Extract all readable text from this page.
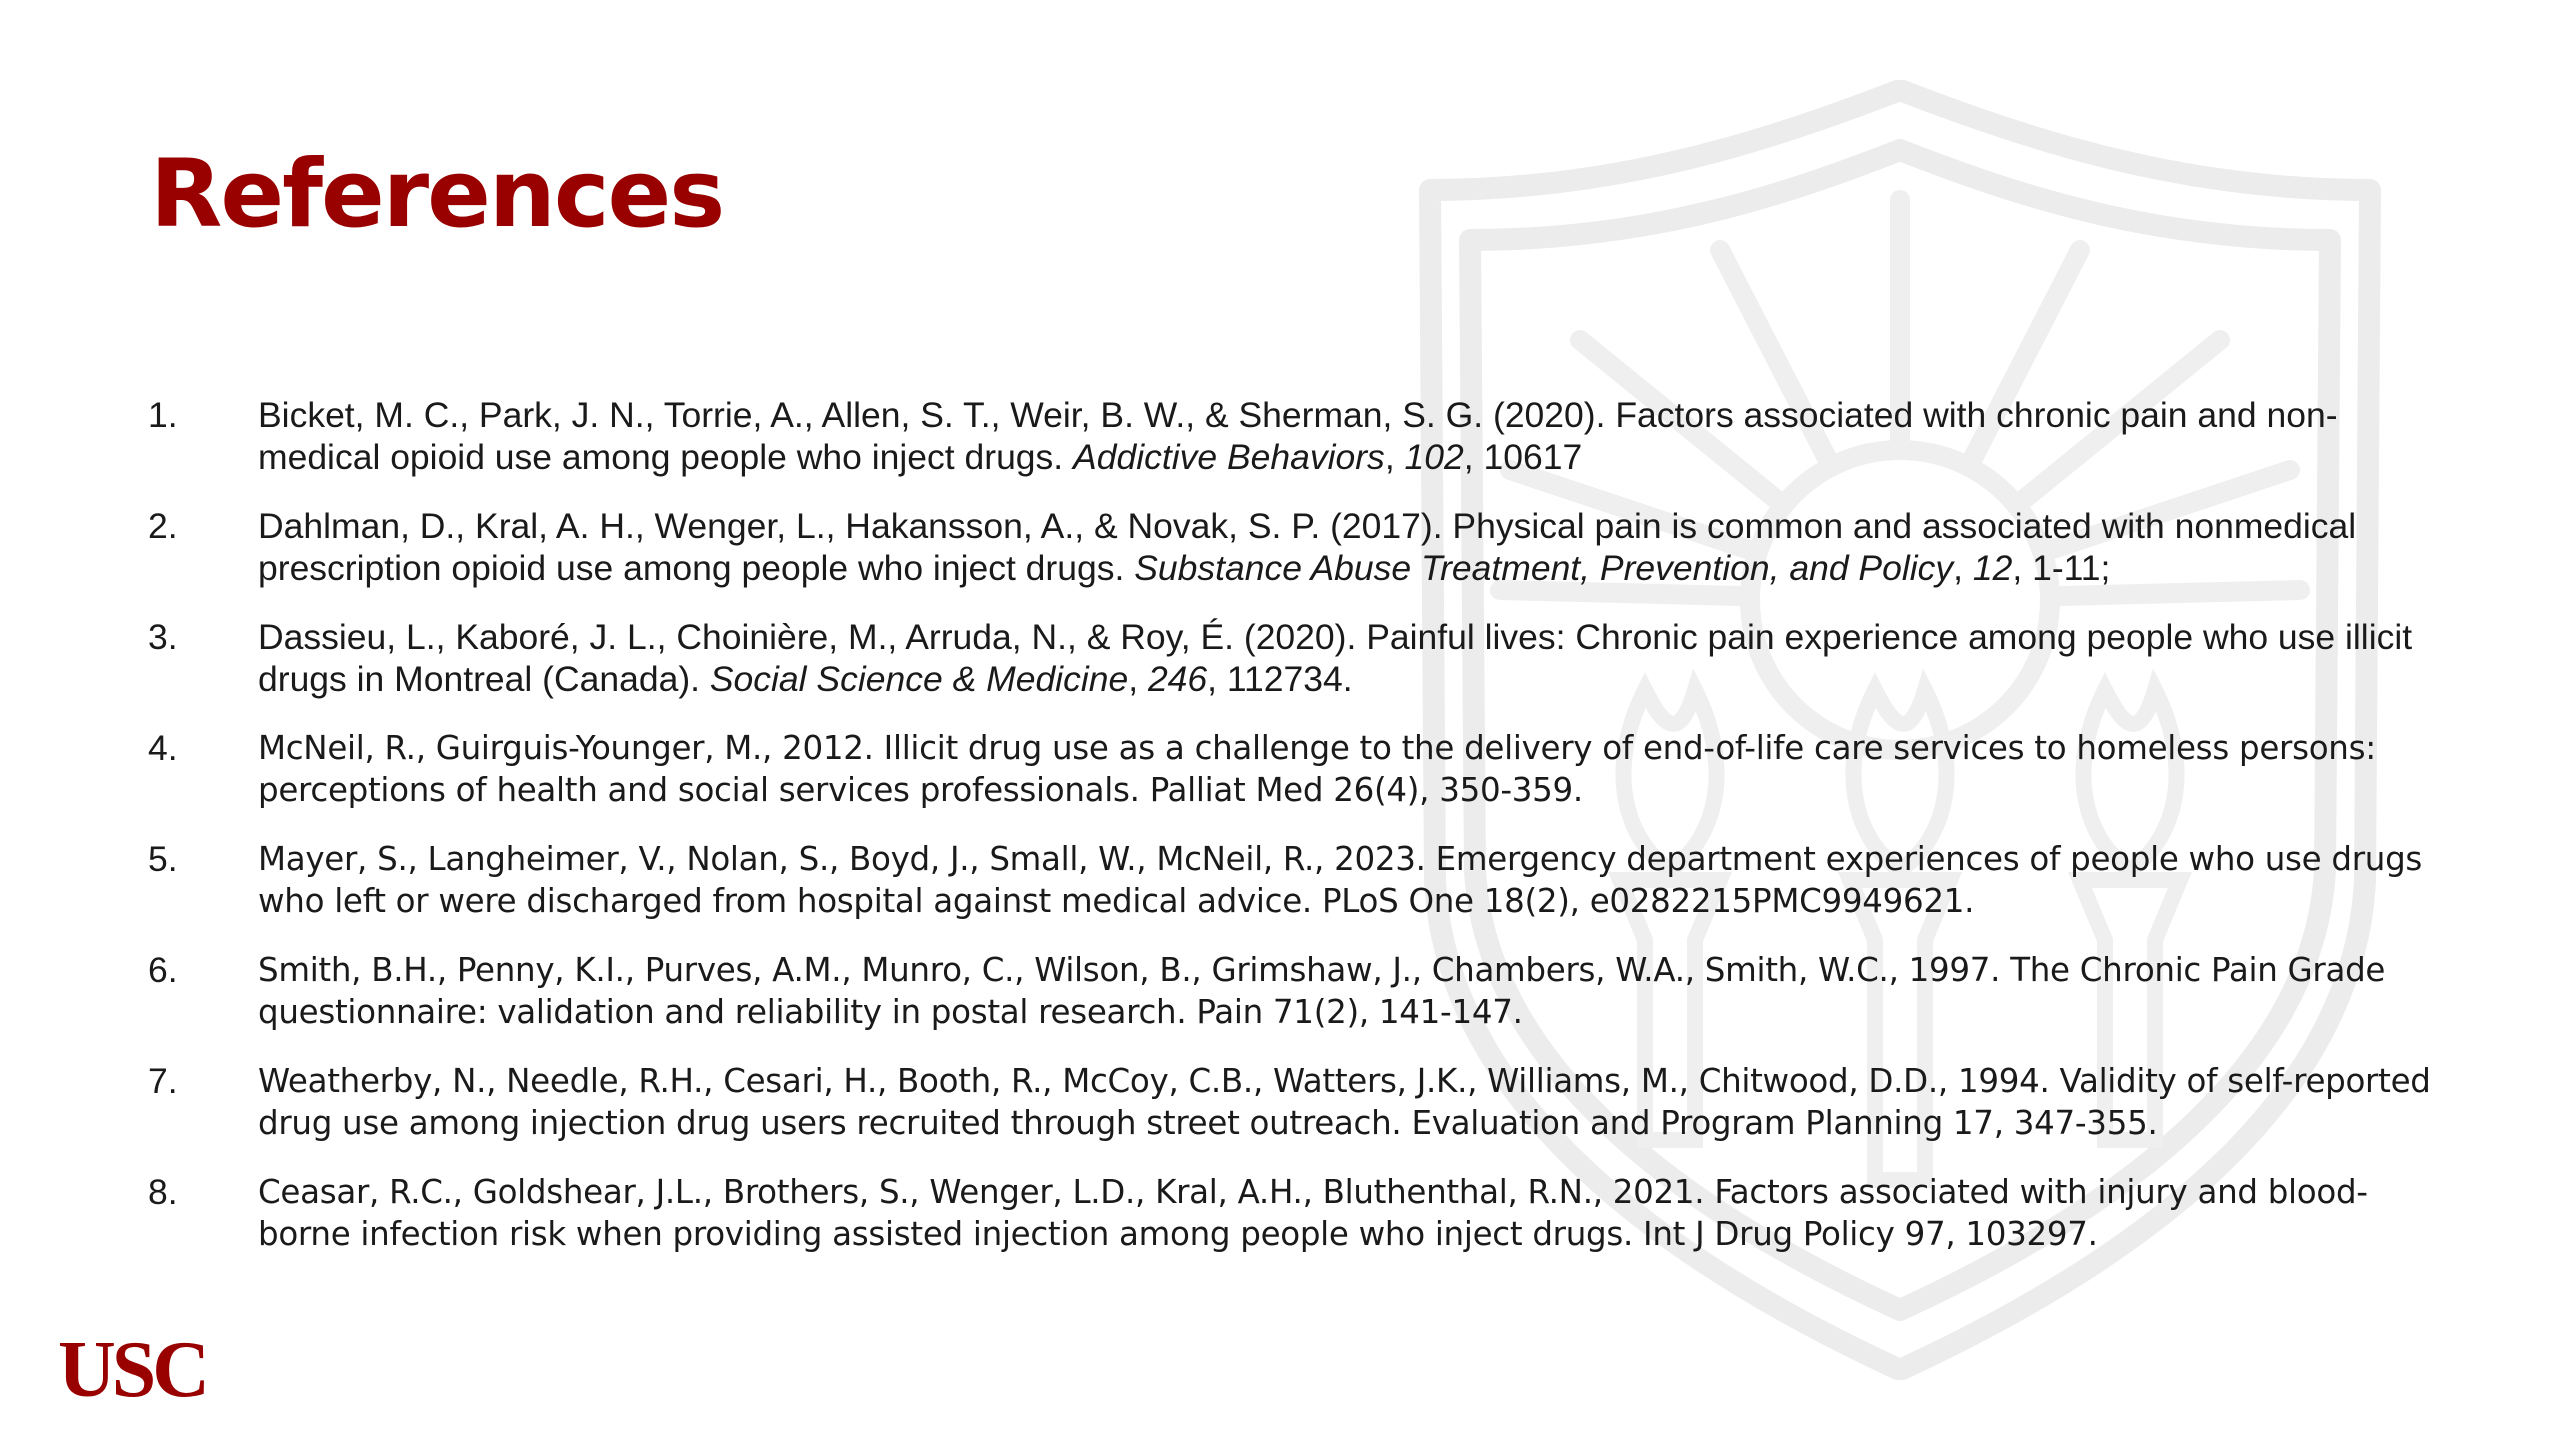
References
1.	Bicket, M. C., Park, J. N., Torrie, A., Allen, S. T., Weir, B. W., & Sherman, S. G. (2020). Factors associated with chronic pain and non-medical opioid use among people who inject drugs. Addictive Behaviors, 102, 10617
2.	Dahlman, D., Kral, A. H., Wenger, L., Hakansson, A., & Novak, S. P. (2017). Physical pain is common and associated with nonmedical prescription opioid use among people who inject drugs. Substance Abuse Treatment, Prevention, and Policy, 12, 1-11;
3.	Dassieu, L., Kaboré, J. L., Choinière, M., Arruda, N., & Roy, É. (2020). Painful lives: Chronic pain experience among people who use illicit drugs in Montreal (Canada). Social Science & Medicine, 246, 112734.
4.	McNeil, R., Guirguis-Younger, M., 2012. Illicit drug use as a challenge to the delivery of end-of-life care services to homeless persons: perceptions of health and social services professionals. Palliat Med 26(4), 350-359.
5.	Mayer, S., Langheimer, V., Nolan, S., Boyd, J., Small, W., McNeil, R., 2023. Emergency department experiences of people who use drugs who left or were discharged from hospital against medical advice. PLoS One 18(2), e0282215PMC9949621.
6.	Smith, B.H., Penny, K.I., Purves, A.M., Munro, C., Wilson, B., Grimshaw, J., Chambers, W.A., Smith, W.C., 1997. The Chronic Pain Grade questionnaire: validation and reliability in postal research. Pain 71(2), 141-147.
7.	Weatherby, N., Needle, R.H., Cesari, H., Booth, R., McCoy, C.B., Watters, J.K., Williams, M., Chitwood, D.D., 1994. Validity of self-reported drug use among injection drug users recruited through street outreach. Evaluation and Program Planning 17, 347-355.
8.	Ceasar, R.C., Goldshear, J.L., Brothers, S., Wenger, L.D., Kral, A.H., Bluthenthal, R.N., 2021. Factors associated with injury and blood-borne infection risk when providing assisted injection among people who inject drugs. Int J Drug Policy 97, 103297.
USC
